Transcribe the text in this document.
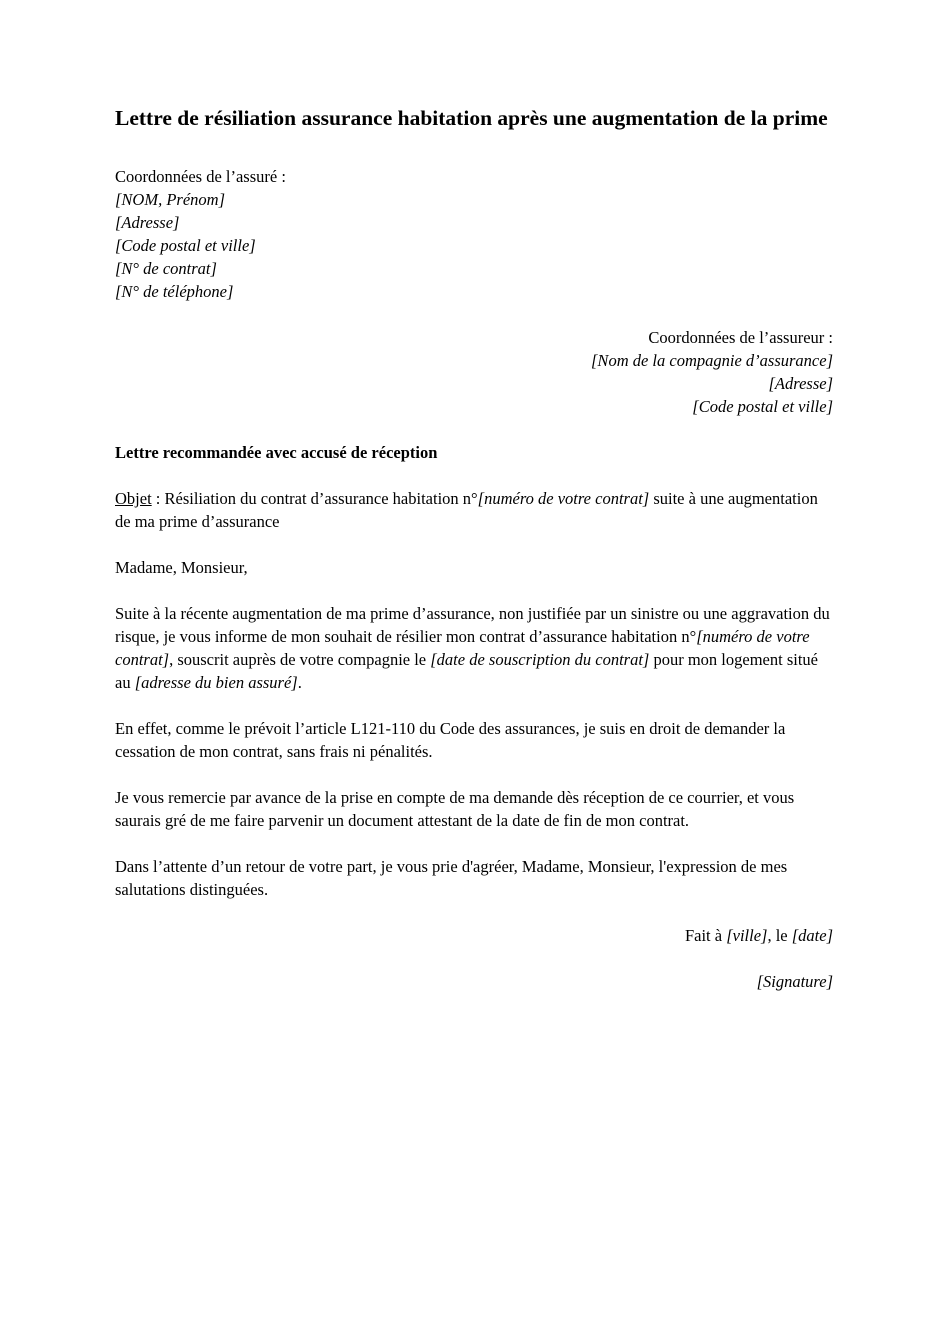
Lettre de résiliation assurance habitation après une augmentation de la prime
Coordonnées de l’assuré :
[NOM, Prénom]
[Adresse]
[Code postal et ville]
[N° de contrat]
[N° de téléphone]
Coordonnées de l’assureur :
[Nom de la compagnie d’assurance]
[Adresse]
[Code postal et ville]

Lettre recommandée avec accusé de réception

Objet : Résiliation du contrat d’assurance habitation n°[numéro de votre contrat] suite à une augmentation de ma prime d’assurance

Madame, Monsieur,

Suite à la récente augmentation de ma prime d’assurance, non justifiée par un sinistre ou une aggravation du risque, je vous informe de mon souhait de résilier mon contrat d’assurance habitation n°[numéro de votre contrat], souscrit auprès de votre compagnie le [date de souscription du contrat] pour mon logement situé au [adresse du bien assuré].

En effet, comme le prévoit l’article L121-110 du Code des assurances, je suis en droit de demander la cessation de mon contrat, sans frais ni pénalités.

Je vous remercie par avance de la prise en compte de ma demande dès réception de ce courrier, et vous saurais gré de me faire parvenir un document attestant de la date de fin de mon contrat.

Dans l’attente d’un retour de votre part, je vous prie d'agréer, Madame, Monsieur, l'expression de mes salutations distinguées.

Fait à [ville], le [date]

[Signature]
